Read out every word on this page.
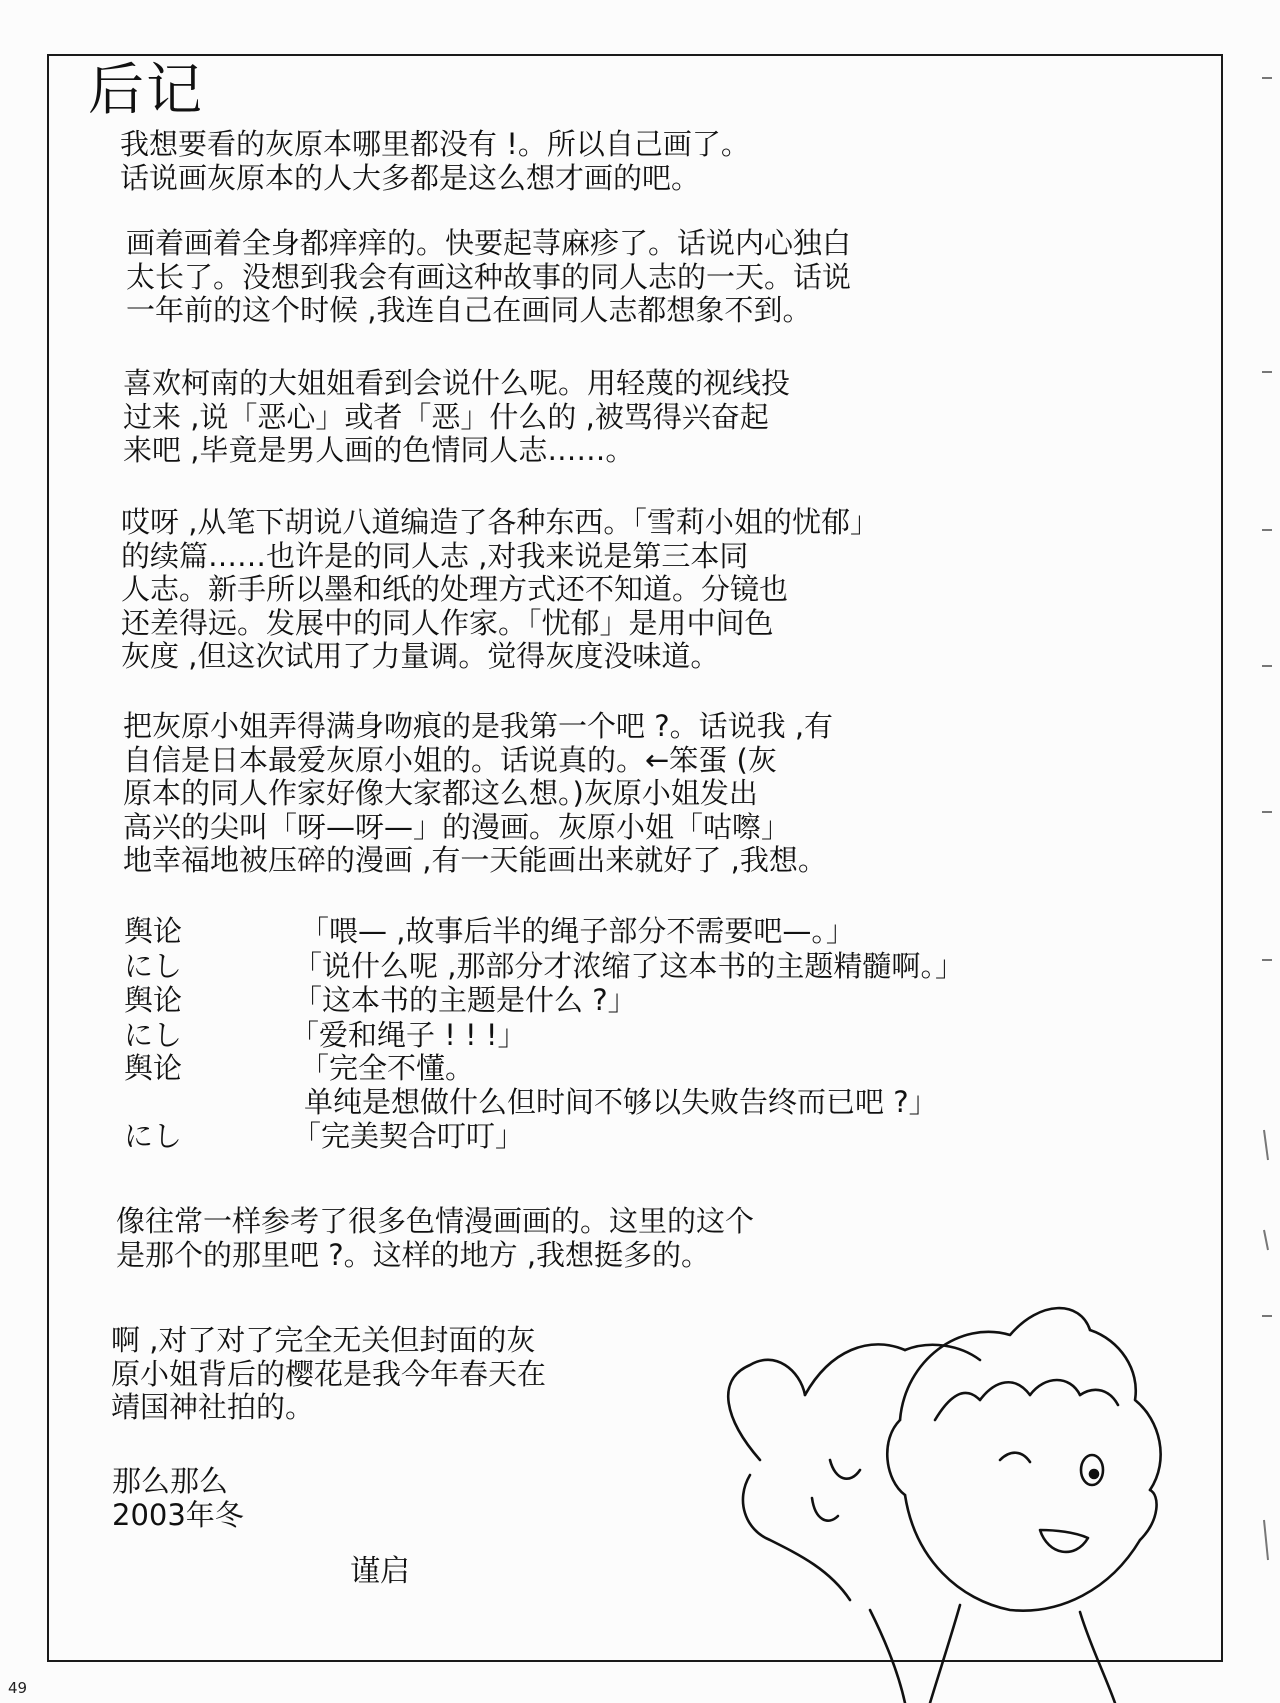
后记

我想要看的灰原本哪里都没有 !。所以自己画了。
话说画灰原本的人大多都是这么想才画的吧。

画着画着全身都痒痒的。快要起荨麻疹了。话说内心独白
太长了。没想到我会有画这种故事的同人志的一天。话说
一年前的这个时候 ,我连自己在画同人志都想象不到。

喜欢柯南的大姐姐看到会说什么呢。用轻蔑的视线投
过来 ,说「恶心」或者「恶」什么的 ,被骂得兴奋起
来吧 ,毕竟是男人画的色情同人志……。

哎呀 ,从笔下胡说八道编造了各种东西。「雪莉小姐的忧郁」
的续篇……也许是的同人志 ,对我来说是第三本同
人志。新手所以墨和纸的处理方式还不知道。分镜也
还差得远。发展中的同人作家。「忧郁」是用中间色
灰度 ,但这次试用了力量调。觉得灰度没味道。

把灰原小姐弄得满身吻痕的是我第一个吧 ?。话说我 ,有
自信是日本最爱灰原小姐的。话说真的。←笨蛋 (灰
原本的同人作家好像大家都这么想。)灰原小姐发出
高兴的尖叫「呀—呀—」的漫画。灰原小姐「咕嚓」
地幸福地被压碎的漫画 ,有一天能画出来就好了 ,我想。

舆论	「喂— ,故事后半的绳子部分不需要吧—。」
にし	「说什么呢 ,那部分才浓缩了这本书的主题精髓啊。」
舆论	「这本书的主题是什么 ?」
にし	「爱和绳子 ! ! !」
舆论	「完全不懂。
单纯是想做什么但时间不够以失败告终而已吧 ?」
にし	「完美契合叮叮」

像往常一样参考了很多色情漫画画的。这里的这个
是那个的那里吧 ?。这样的地方 ,我想挺多的。

啊 ,对了对了完全无关但封面的灰
原小姐背后的樱花是我今年春天在
靖国神社拍的。

那么那么
2003年冬

谨启
49
